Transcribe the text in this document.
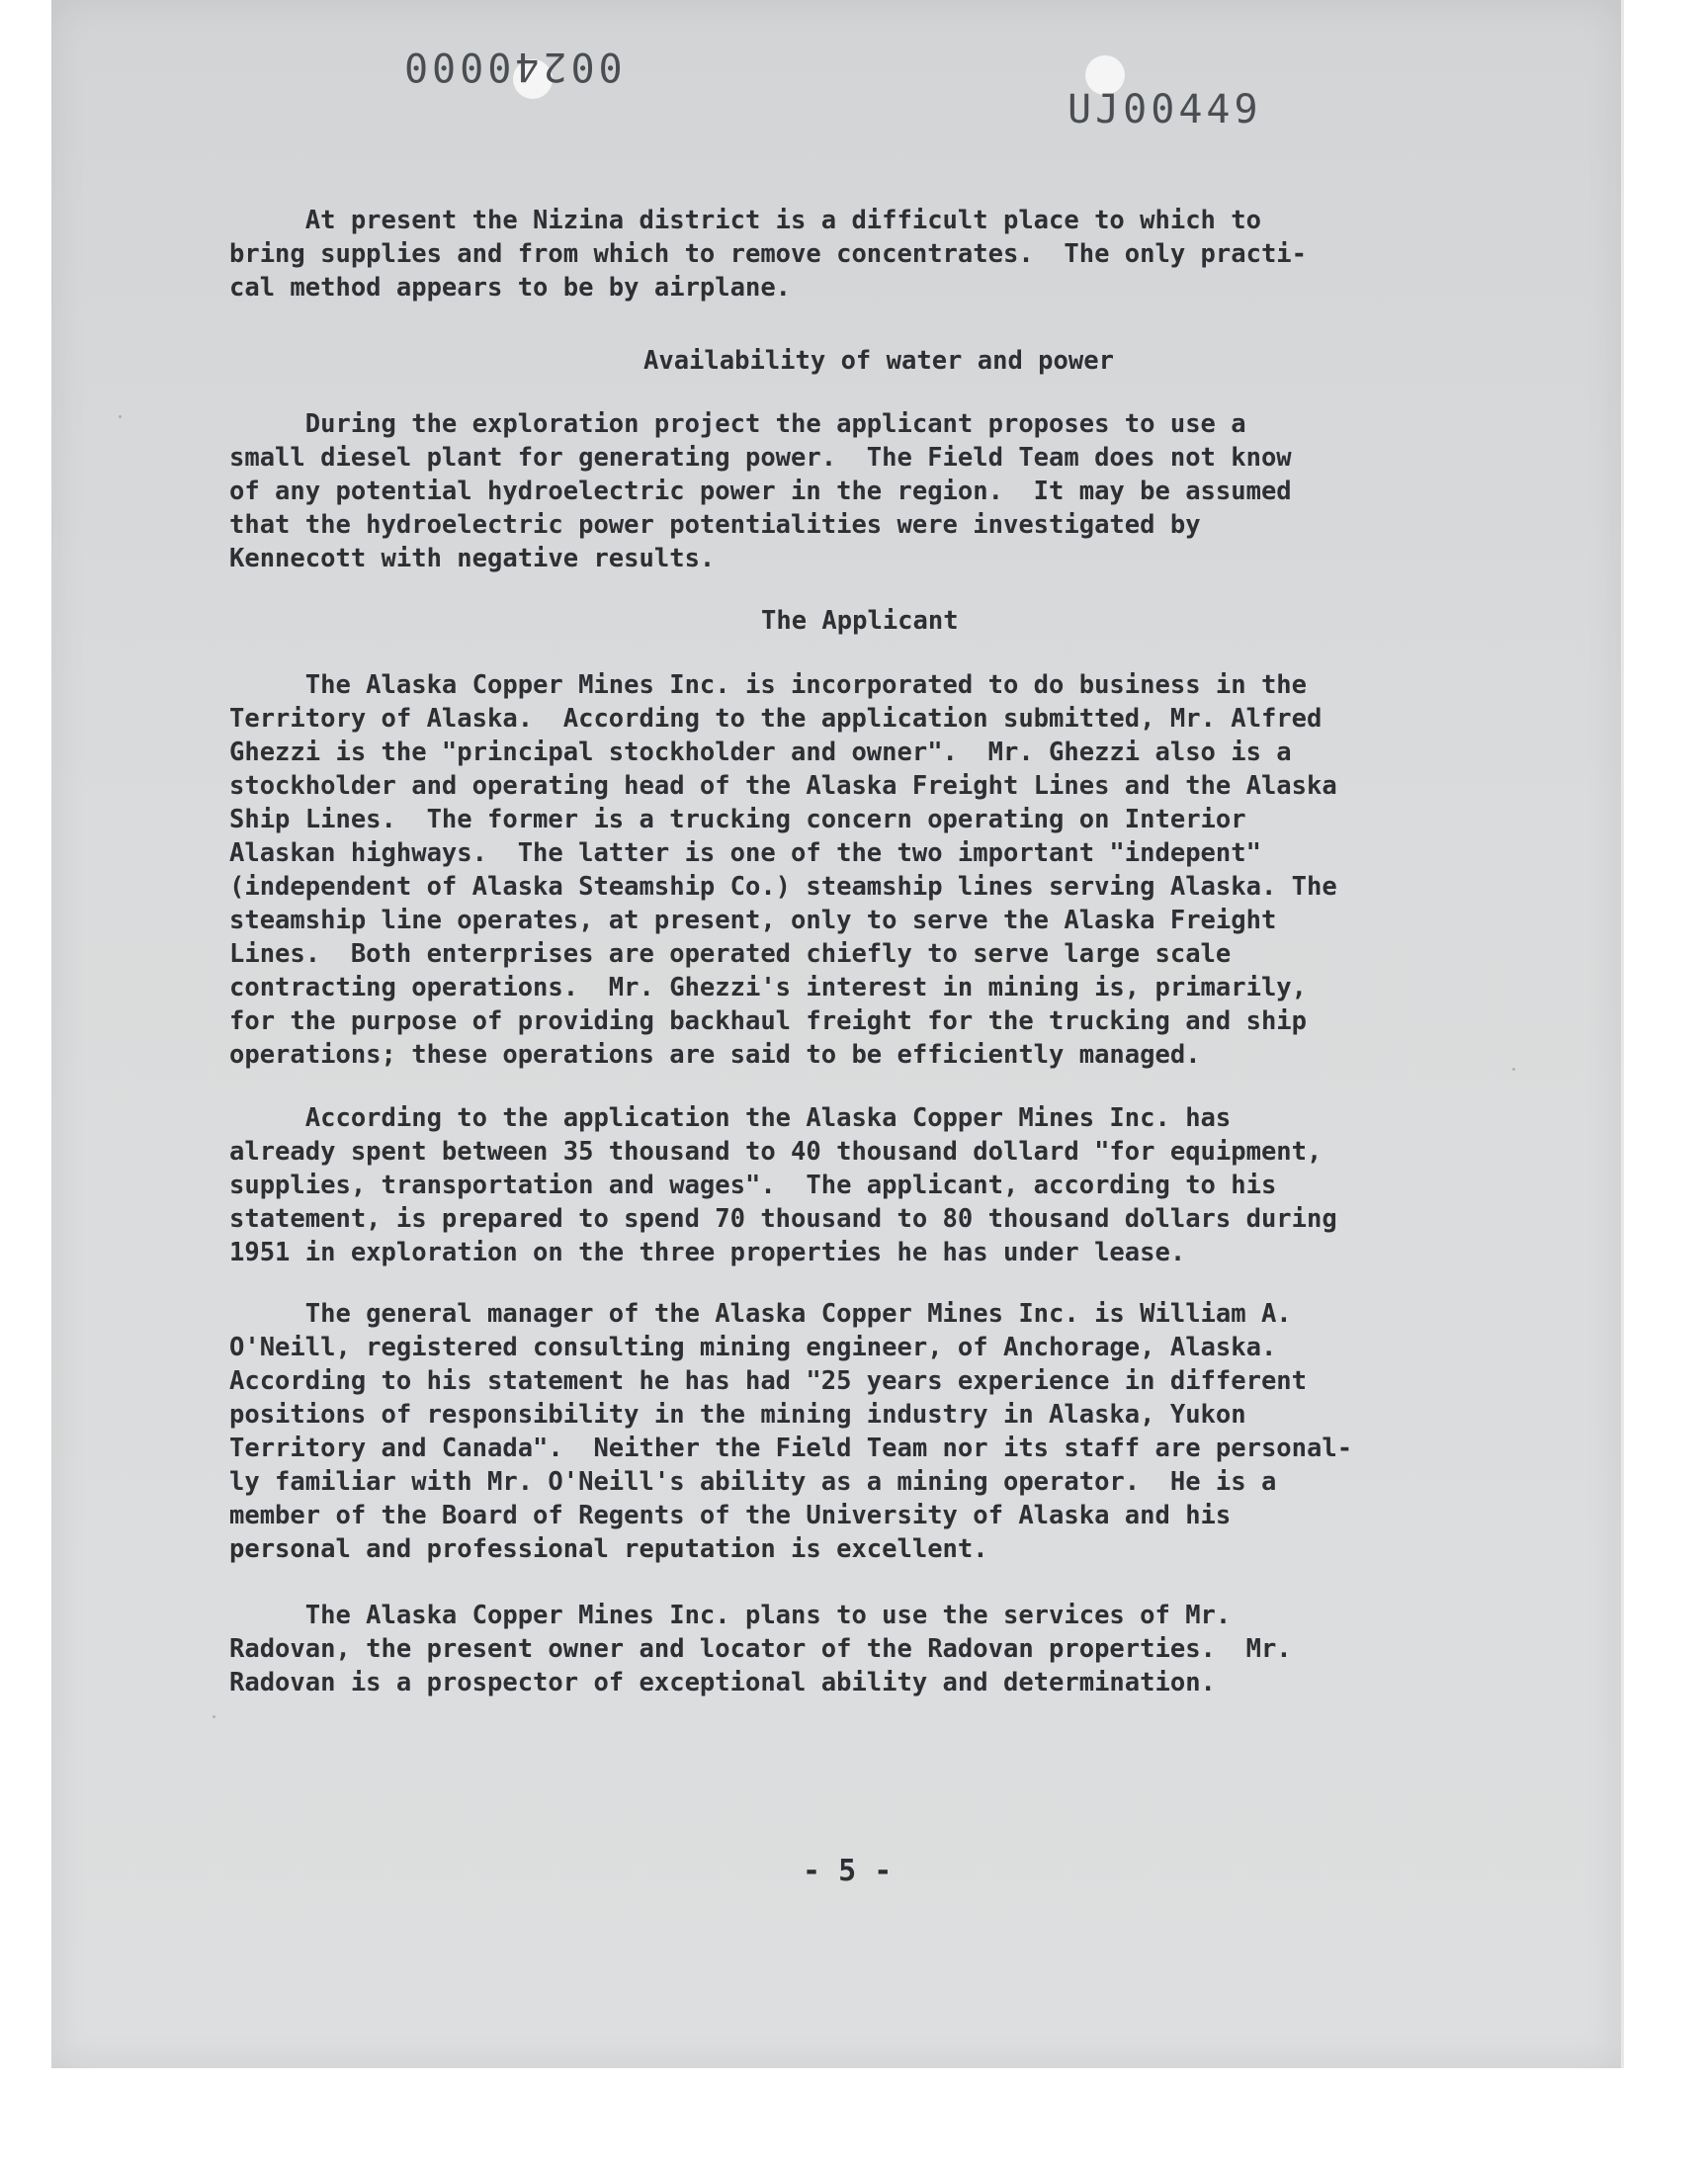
00240000
UJ00449
At present the Nizina district is a difficult place to which to
bring supplies and from which to remove concentrates.  The only practi-
cal method appears to be by airplane.
Availability of water and power
During the exploration project the applicant proposes to use a
small diesel plant for generating power.  The Field Team does not know
of any potential hydroelectric power in the region.  It may be assumed
that the hydroelectric power potentialities were investigated by
Kennecott with negative results.
The Applicant
The Alaska Copper Mines Inc. is incorporated to do business in the
Territory of Alaska.  According to the application submitted, Mr. Alfred
Ghezzi is the "principal stockholder and owner".  Mr. Ghezzi also is a
stockholder and operating head of the Alaska Freight Lines and the Alaska
Ship Lines.  The former is a trucking concern operating on Interior
Alaskan highways.  The latter is one of the two important "indepent"
(independent of Alaska Steamship Co.) steamship lines serving Alaska. The
steamship line operates, at present, only to serve the Alaska Freight
Lines.  Both enterprises are operated chiefly to serve large scale
contracting operations.  Mr. Ghezzi's interest in mining is, primarily,
for the purpose of providing backhaul freight for the trucking and ship
operations; these operations are said to be efficiently managed.
According to the application the Alaska Copper Mines Inc. has
already spent between 35 thousand to 40 thousand dollard "for equipment,
supplies, transportation and wages".  The applicant, according to his
statement, is prepared to spend 70 thousand to 80 thousand dollars during
1951 in exploration on the three properties he has under lease.
The general manager of the Alaska Copper Mines Inc. is William A.
O'Neill, registered consulting mining engineer, of Anchorage, Alaska.
According to his statement he has had "25 years experience in different
positions of responsibility in the mining industry in Alaska, Yukon
Territory and Canada".  Neither the Field Team nor its staff are personal-
ly familiar with Mr. O'Neill's ability as a mining operator.  He is a
member of the Board of Regents of the University of Alaska and his
personal and professional reputation is excellent.
The Alaska Copper Mines Inc. plans to use the services of Mr.
Radovan, the present owner and locator of the Radovan properties.  Mr.
Radovan is a prospector of exceptional ability and determination.
- 5 -
